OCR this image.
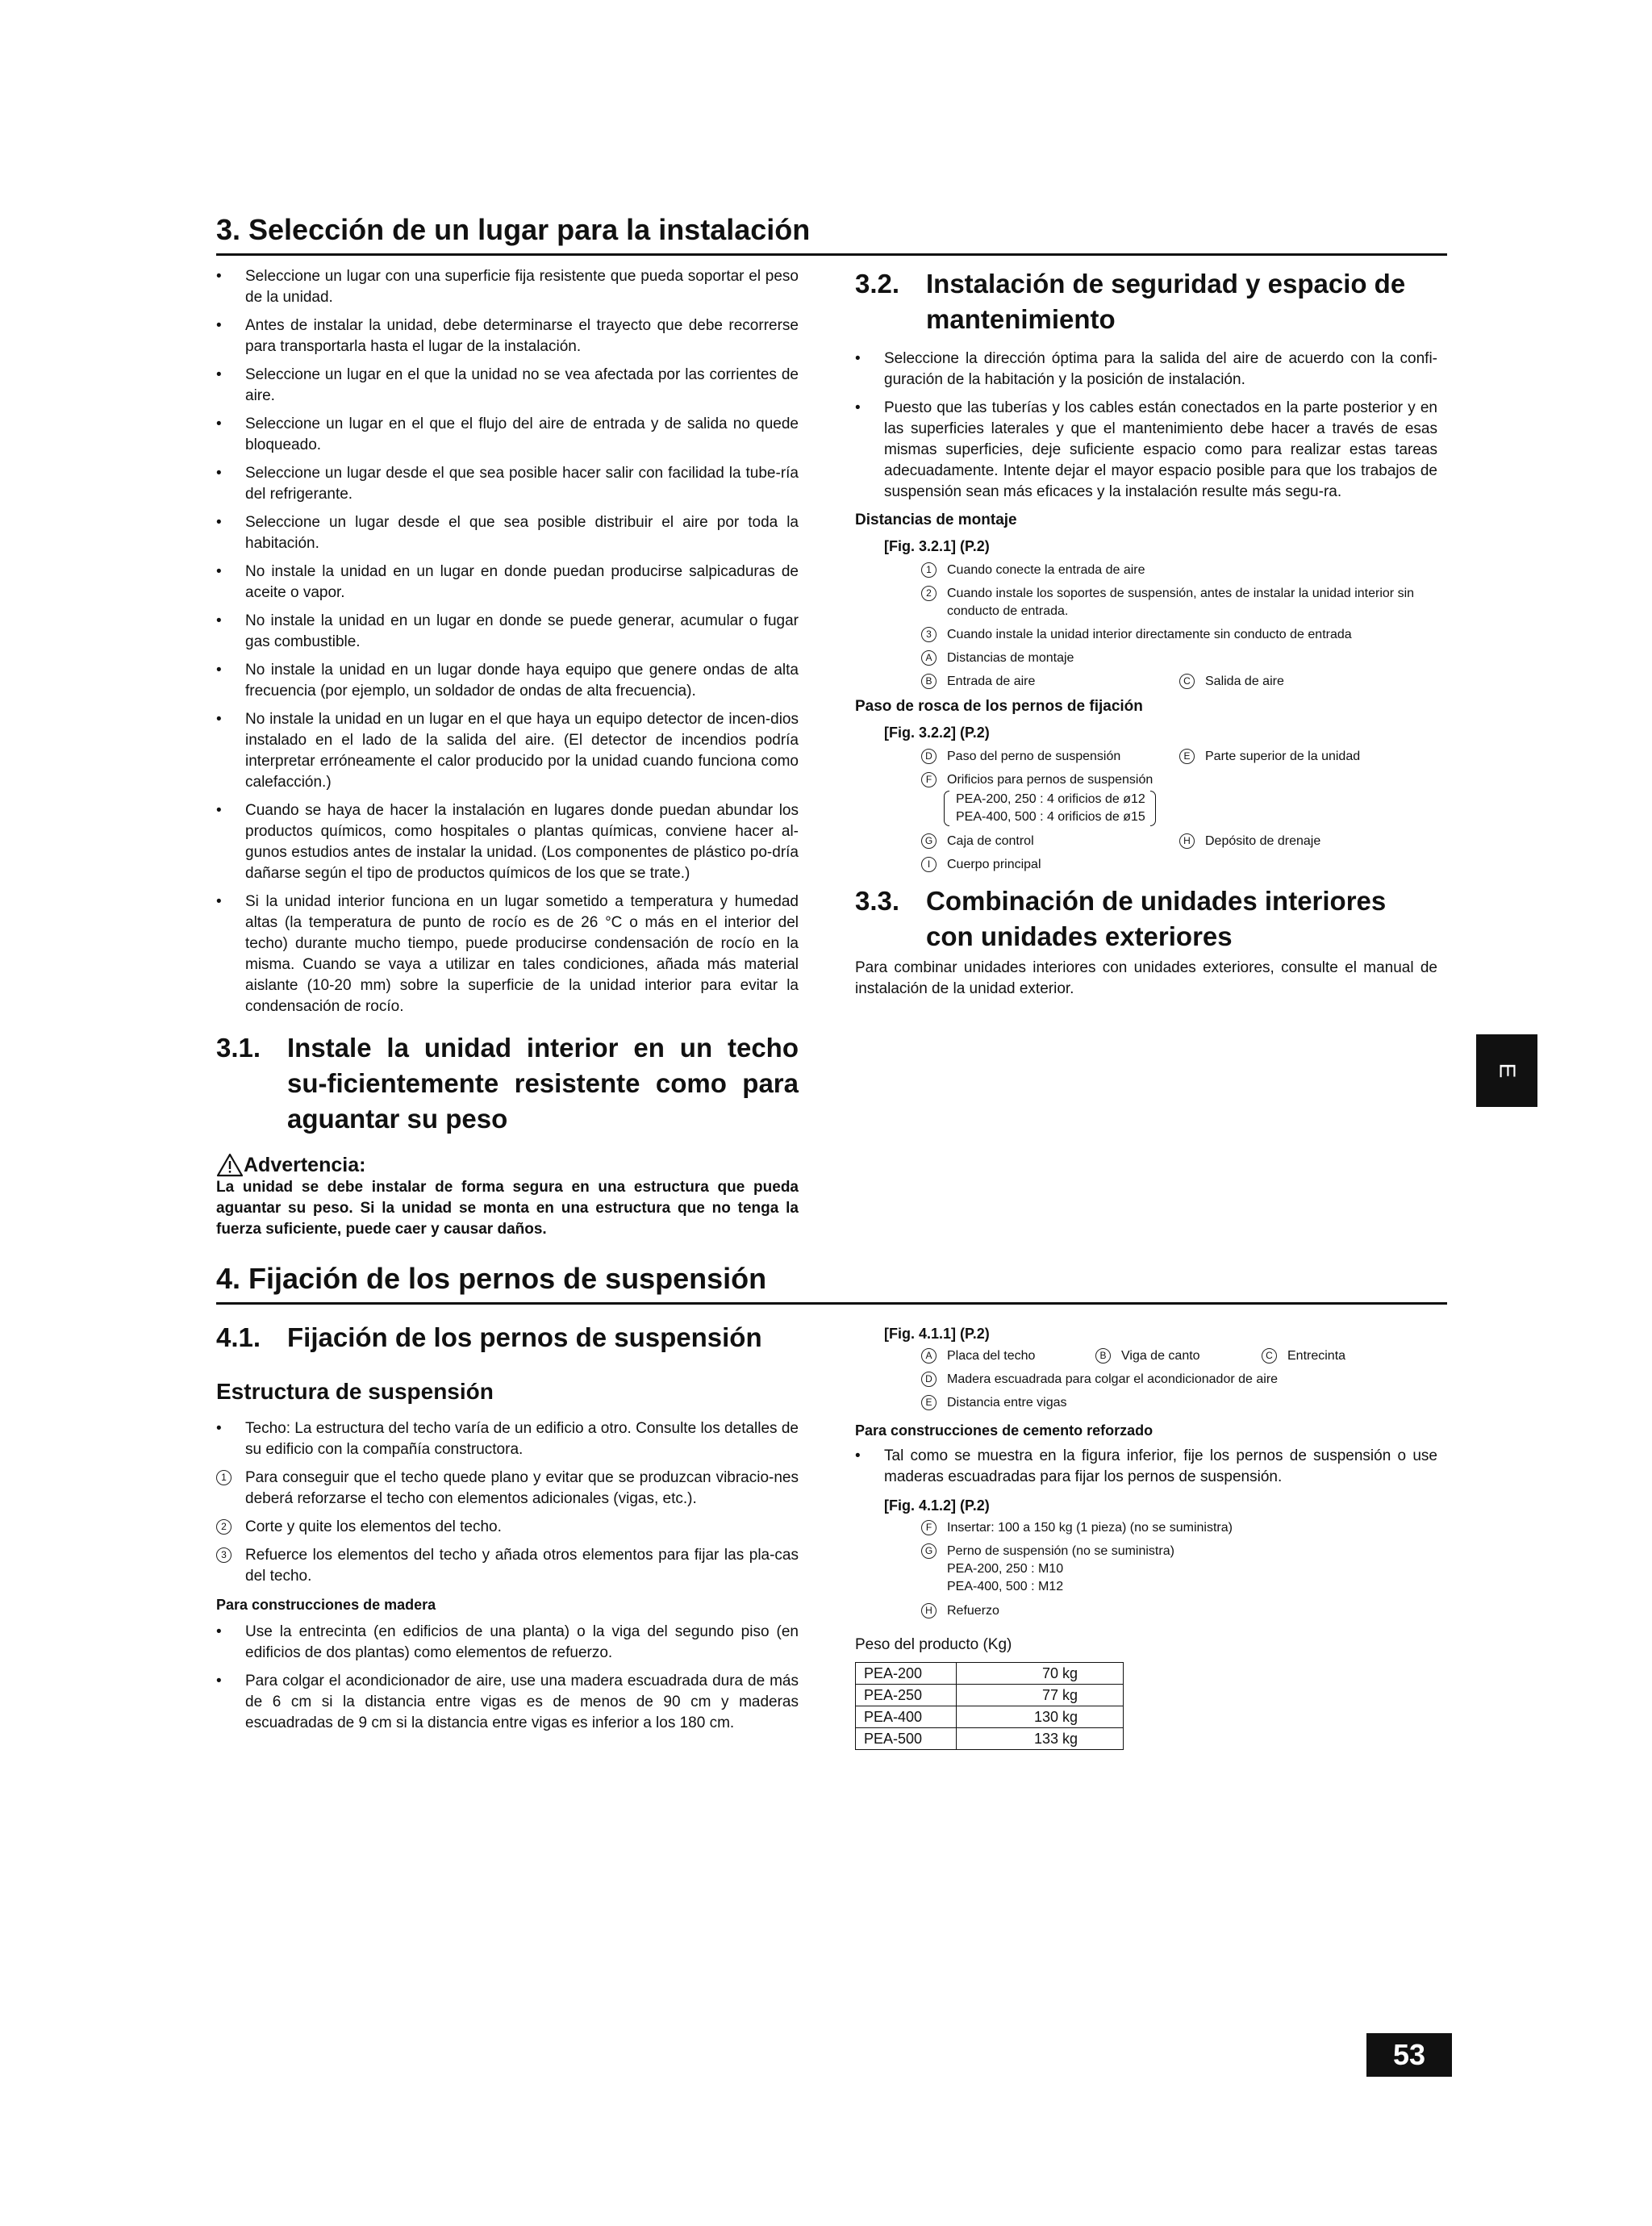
3. Selección de un lugar para la instalación
• Seleccione un lugar con una superficie fija resistente que pueda soportar el peso de la unidad.
• Antes de instalar la unidad, debe determinarse el trayecto que debe recorrerse para transportarla hasta el lugar de la instalación.
• Seleccione un lugar en el que la unidad no se vea afectada por las corrientes de aire.
• Seleccione un lugar en el que el flujo del aire de entrada y de salida no quede bloqueado.
• Seleccione un lugar desde el que sea posible hacer salir con facilidad la tube-ría del refrigerante.
• Seleccione un lugar desde el que sea posible distribuir el aire por toda la habitación.
• No instale la unidad en un lugar en donde puedan producirse salpicaduras de aceite o vapor.
• No instale la unidad en un lugar en donde se puede generar, acumular o fugar gas combustible.
• No instale la unidad en un lugar donde haya equipo que genere ondas de alta frecuencia (por ejemplo, un soldador de ondas de alta frecuencia).
• No instale la unidad en un lugar en el que haya un equipo detector de incen-dios instalado en el lado de la salida del aire. (El detector de incendios podría interpretar erróneamente el calor producido por la unidad cuando funciona como calefacción.)
• Cuando se haya de hacer la instalación en lugares donde puedan abundar los productos químicos, como hospitales o plantas químicas, conviene hacer al-gunos estudios antes de instalar la unidad. (Los componentes de plástico po-dría dañarse según el tipo de productos químicos de los que se trate.)
• Si la unidad interior funciona en un lugar sometido a temperatura y humedad altas (la temperatura de punto de rocío es de 26 °C o más en el interior del techo) durante mucho tiempo, puede producirse condensación de rocío en la misma. Cuando se vaya a utilizar en tales condiciones, añada más material aislante (10-20 mm) sobre la superficie de la unidad interior para evitar la condensación de rocío.
3.1. Instale la unidad interior en un techo su-ficientemente resistente como para aguantar su peso
Advertencia:
La unidad se debe instalar de forma segura en una estructura que pueda aguantar su peso. Si la unidad se monta en una estructura que no tenga la fuerza suficiente, puede caer y causar daños.
3.2. Instalación de seguridad y espacio de mantenimiento
• Seleccione la dirección óptima para la salida del aire de acuerdo con la confi-guración de la habitación y la posición de instalación.
• Puesto que las tuberías y los cables están conectados en la parte posterior y en las superficies laterales y que el mantenimiento debe hacer a través de esas mismas superficies, deje suficiente espacio como para realizar estas tareas adecuadamente. Intente dejar el mayor espacio posible para que los trabajos de suspensión sean más eficaces y la instalación resulte más segu-ra.
Distancias de montaje
[Fig. 3.2.1] (P.2)
1	Cuando conecte la entrada de aire
2	Cuando instale los soportes de suspensión, antes de instalar la unidad interior sin conducto de entrada.
3	Cuando instale la unidad interior directamente sin conducto de entrada
A	Distancias de montaje
B	Entrada de aire	C	Salida de aire
Paso de rosca de los pernos de fijación
[Fig. 3.2.2] (P.2)
D	Paso del perno de suspensión	E	Parte superior de la unidad
F	Orificios para pernos de suspensión
PEA-200, 250 : 4 orificios de ø12
PEA-400, 500 : 4 orificios de ø15
G	Caja de control	H	Depósito de drenaje
I	Cuerpo principal
3.3. Combinación de unidades interiores con unidades exteriores
Para combinar unidades interiores con unidades exteriores, consulte el manual de instalación de la unidad exterior.
4. Fijación de los pernos de suspensión
4.1. Fijación de los pernos de suspensión
Estructura de suspensión
• Techo: La estructura del techo varía de un edificio a otro. Consulte los detalles de su edificio con la compañía constructora.
1	Para conseguir que el techo quede plano y evitar que se produzcan vibracio-nes deberá reforzarse el techo con elementos adicionales (vigas, etc.).
2	Corte y quite los elementos del techo.
3	Refuerce los elementos del techo y añada otros elementos para fijar las pla-cas del techo.
Para construcciones de madera
• Use la entrecinta (en edificios de una planta) o la viga del segundo piso (en edificios de dos plantas) como elementos de refuerzo.
• Para colgar el acondicionador de aire, use una madera escuadrada dura de más de 6 cm si la distancia entre vigas es de menos de 90 cm y maderas escuadradas de 9 cm si la distancia entre vigas es inferior a los 180 cm.
[Fig. 4.1.1] (P.2)
A	Placa del techo	B	Viga de canto	C	Entrecinta
D	Madera escuadrada para colgar el acondicionador de aire
E	Distancia entre vigas
Para construcciones de cemento reforzado
• Tal como se muestra en la figura inferior, fije los pernos de suspensión o use maderas escuadradas para fijar los pernos de suspensión.
[Fig. 4.1.2] (P.2)
F	Insertar: 100 a 150 kg (1 pieza) (no se suministra)
G	Perno de suspensión (no se suministra)
PEA-200, 250 : M10
PEA-400, 500 : M12
H	Refuerzo
Peso del producto (Kg)
PEA-200	70 kg
PEA-250	77 kg
PEA-400	130 kg
PEA-500	133 kg
E
53
